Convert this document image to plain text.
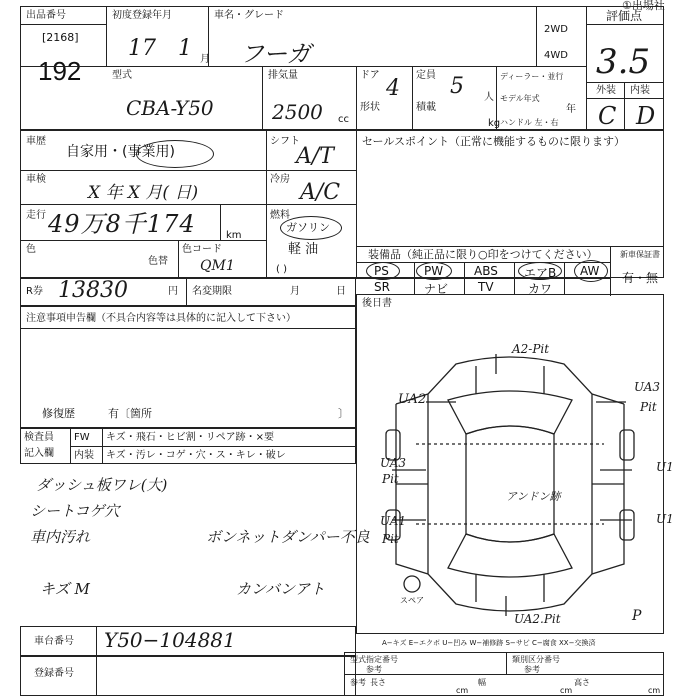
①出場社
出品番号
[2168]
192
初度登録年月
17 1 月
車名・グレード
フーガ
2WD
4WD
評価点
3.5
外装 内装
C D
型式
CBA-Y50
排気量
2500 cc
ドア
4
形状
定員 5 人
積載
kg
ディーラー・並行
モデル年式
年
ハンドル 左・右
車歴
自家用・(事業用)
シフト
A/T
セールスポイント（正常に機能するものに限ります）
車検
X 年 X 月( 日)
冷房
A/C
走行 49万8千174	km
燃料
ガソリン
軽 油
( )
色
色替
色コード
QM1
装備品（純正品に限り○印をつけてください）	新車保証書
有・無
PS	PW	ABS エアB AW
SR	ナビ TV	カワ
R券 13830	円 名変期限	月	日
後日書
注意事項申告欄（不具合内容等は具体的に記入して下さい）
修復歴	有〔箇所	〕
検査員
記入欄
FW キズ・飛石・ヒビ割・リペア跡・×要
内装 キズ・汚レ・コゲ・穴・ス・キレ・破レ
ダッシュ板ワレ(大)
シートコゲ穴
車内汚れ	ボンネットダンパー不良
キズ M	カンバンアト
A2-Pit
UA2
UA3
Pit
UA1
Pit
UA3
Pit
U1
U1
アンドン跡
UA2.Pit
スペア
P
A−キズ E−エクボ U−凹み W−補修跡 S−サビ C−腐食 XX−交換済
車台番号 Y50−104881
登録番号
型式指定番号
参考
類別区分番号
参考
参考 長さ
cm
幅
cm
高さ
cm
